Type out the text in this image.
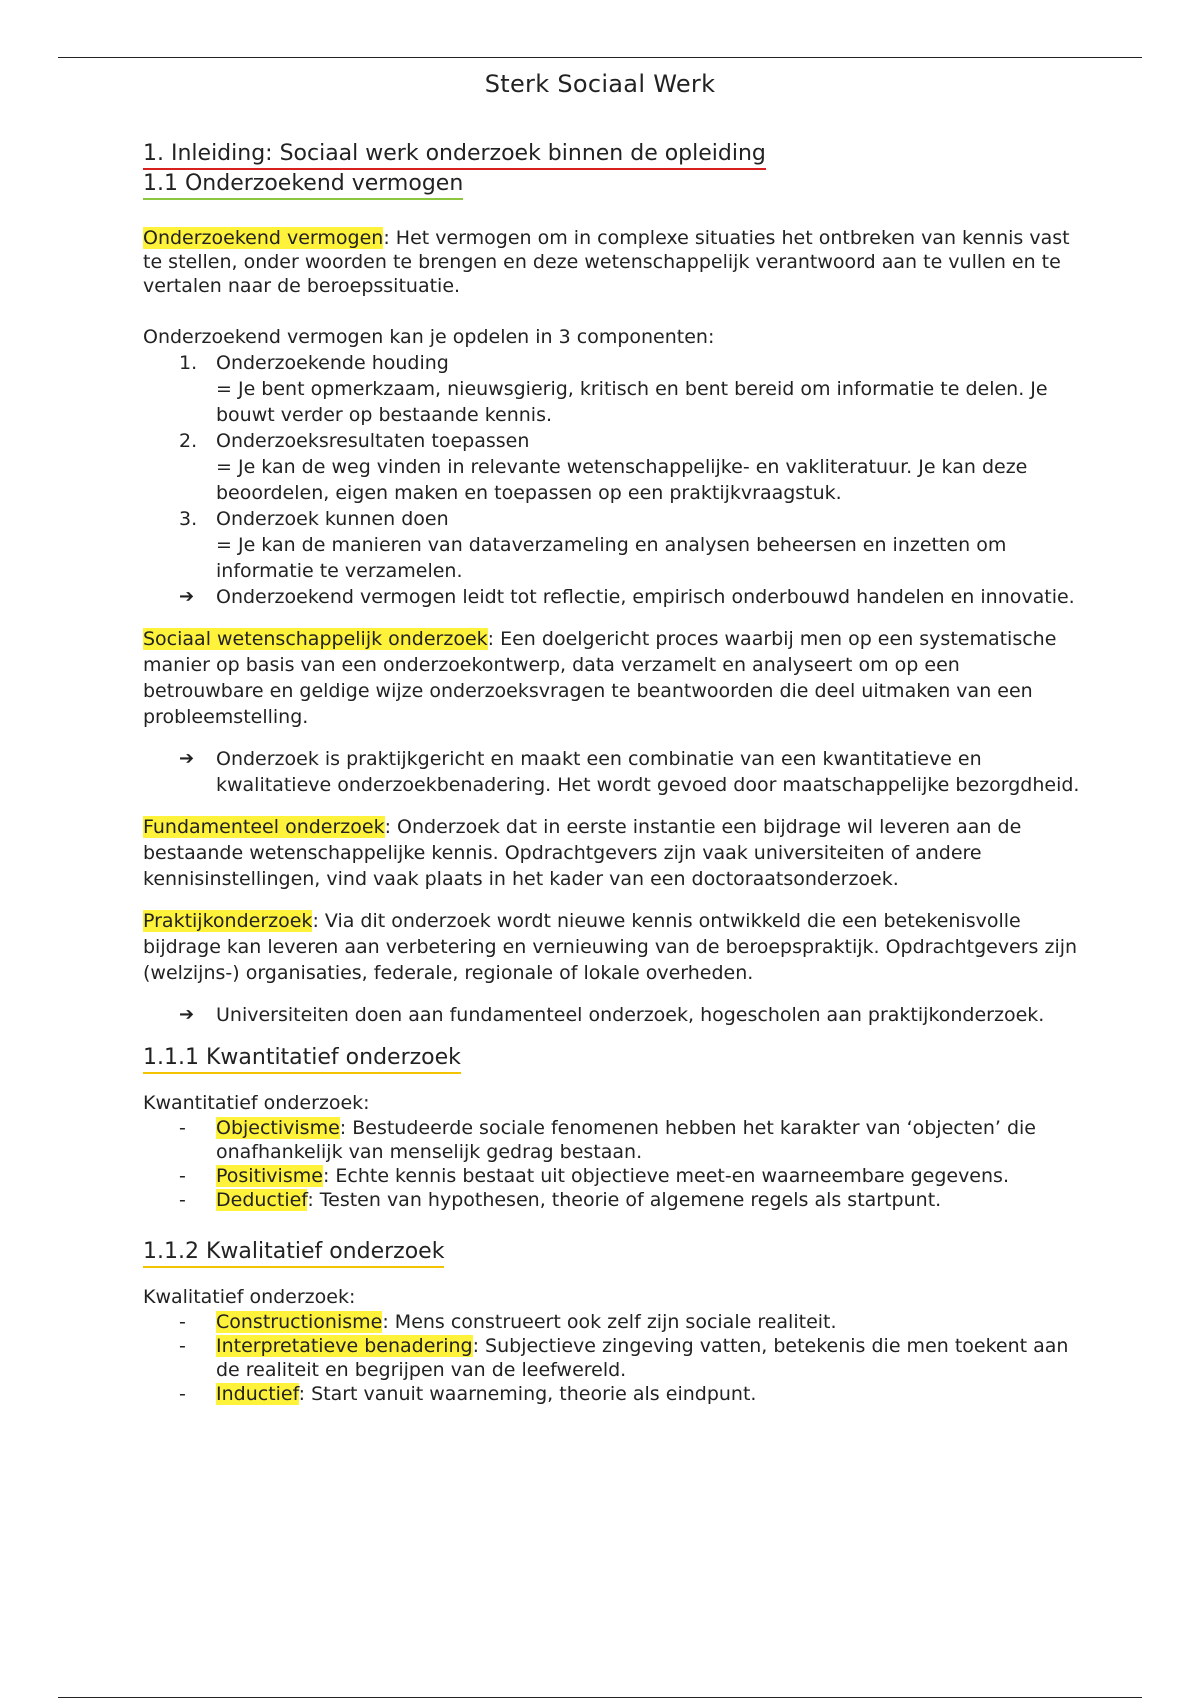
Sterk Sociaal Werk
1. Inleiding: Sociaal werk onderzoek binnen de opleiding
1.1 Onderzoekend vermogen

Onderzoekend vermogen: Het vermogen om in complexe situaties het ontbreken van kennis vast te stellen, onder woorden te brengen en deze wetenschappelijk verantwoord aan te vullen en te vertalen naar de beroepssituatie.

Onderzoekend vermogen kan je opdelen in 3 componenten:

1. Onderzoekende houding
= Je bent opmerkzaam, nieuwsgierig, kritisch en bent bereid om informatie te delen. Je bouwt verder op bestaande kennis.
2. Onderzoeksresultaten toepassen
= Je kan de weg vinden in relevante wetenschappelijke- en vakliteratuur. Je kan deze beoordelen, eigen maken en toepassen op een praktijkvraagstuk.
3. Onderzoek kunnen doen
= Je kan de manieren van dataverzameling en analysen beheersen en inzetten om informatie te verzamelen.
➔	Onderzoekend vermogen leidt tot reflectie, empirisch onderbouwd handelen en innovatie.

Sociaal wetenschappelijk onderzoek: Een doelgericht proces waarbij men op een systematische manier op basis van een onderzoekontwerp, data verzamelt en analyseert om op een betrouwbare en geldige wijze onderzoeksvragen te beantwoorden die deel uitmaken van een probleemstelling.

➔	Onderzoek is praktijkgericht en maakt een combinatie van een kwantitatieve en kwalitatieve onderzoekbenadering. Het wordt gevoed door maatschappelijke bezorgdheid.

Fundamenteel onderzoek: Onderzoek dat in eerste instantie een bijdrage wil leveren aan de bestaande wetenschappelijke kennis. Opdrachtgevers zijn vaak universiteiten of andere kennisinstellingen, vind vaak plaats in het kader van een doctoraatsonderzoek.

Praktijkonderzoek: Via dit onderzoek wordt nieuwe kennis ontwikkeld die een betekenisvolle bijdrage kan leveren aan verbetering en vernieuwing van de beroepspraktijk. Opdrachtgevers zijn (welzijns-) organisaties, federale, regionale of lokale overheden.

➔	Universiteiten doen aan fundamenteel onderzoek, hogescholen aan praktijkonderzoek.
1.1.1 Kwantitatief onderzoek

Kwantitatief onderzoek:

-	Objectivisme: Bestudeerde sociale fenomenen hebben het karakter van ‘objecten’ die onafhankelijk van menselijk gedrag bestaan.
-	Positivisme: Echte kennis bestaat uit objectieve meet-en waarneembare gegevens.
-	Deductief: Testen van hypothesen, theorie of algemene regels als startpunt.
1.1.2 Kwalitatief onderzoek

Kwalitatief onderzoek:

-	Constructionisme: Mens construeert ook zelf zijn sociale realiteit.
-	Interpretatieve benadering: Subjectieve zingeving vatten, betekenis die men toekent aan de realiteit en begrijpen van de leefwereld.
-	Inductief: Start vanuit waarneming, theorie als eindpunt.
